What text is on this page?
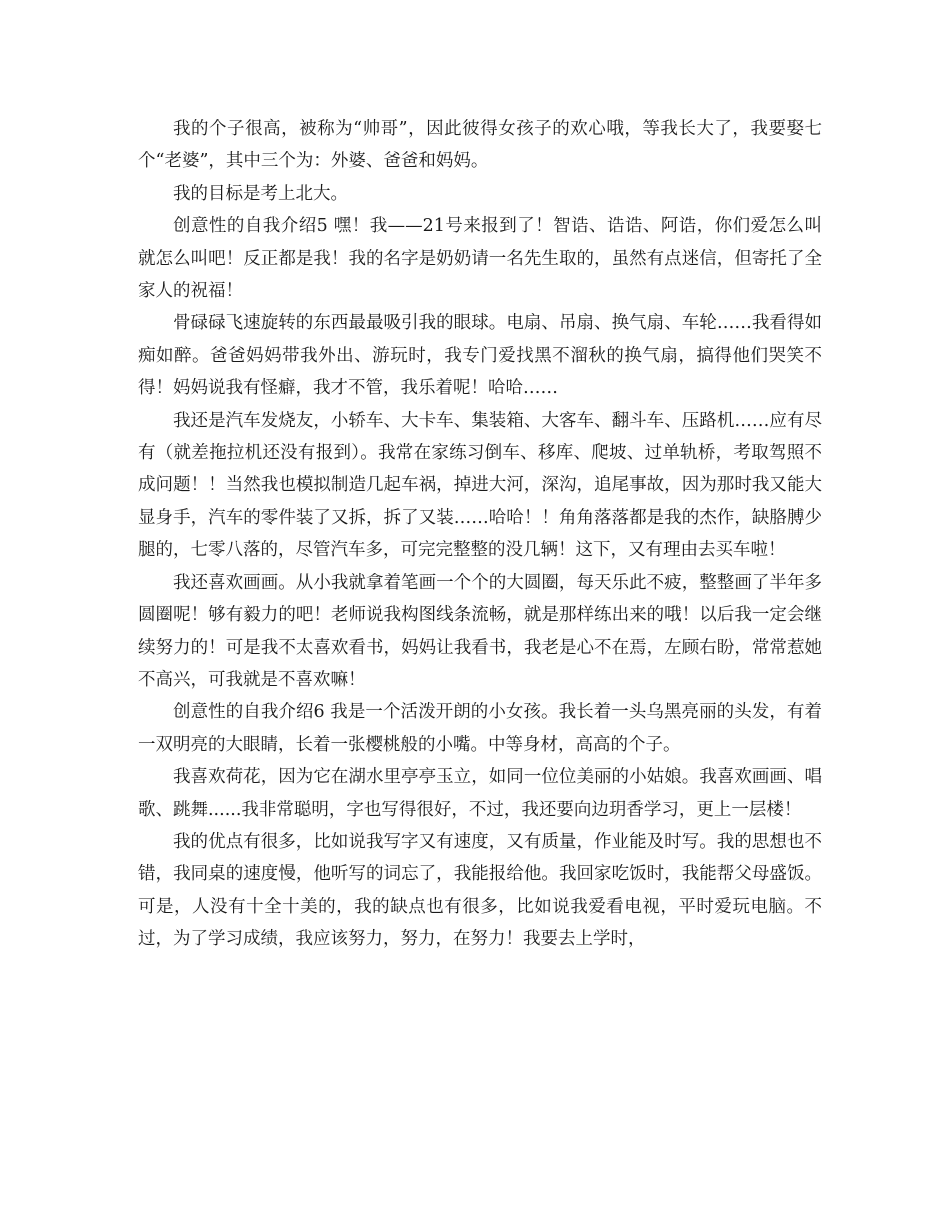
我的个子很高，被称为“帅哥”，因此彼得女孩子的欢心哦，等我长大了，我要娶七个“老婆”，其中三个为：外婆、爸爸和妈妈。

我的目标是考上北大。

创意性的自我介绍5 嘿！我——21号来报到了！智诰、诰诰、阿诰，你们爱怎么叫就怎么叫吧！反正都是我！我的名字是奶奶请一名先生取的，虽然有点迷信，但寄托了全家人的祝福！

骨碌碌飞速旋转的东西最最吸引我的眼球。电扇、吊扇、换气扇、车轮……我看得如痴如醉。爸爸妈妈带我外出、游玩时，我专门爱找黑不溜秋的换气扇，搞得他们哭笑不得！妈妈说我有怪癖，我才不管，我乐着呢！哈哈……

我还是汽车发烧友，小轿车、大卡车、集装箱、大客车、翻斗车、压路机……应有尽有（就差拖拉机还没有报到）。我常在家练习倒车、移库、爬坡、过单轨桥，考取驾照不成问题！！当然我也模拟制造几起车祸，掉进大河，深沟，追尾事故，因为那时我又能大显身手，汽车的零件装了又拆，拆了又装……哈哈！！角角落落都是我的杰作，缺胳膊少腿的，七零八落的，尽管汽车多，可完完整整的没几辆！这下，又有理由去买车啦！

我还喜欢画画。从小我就拿着笔画一个个的大圆圈，每天乐此不疲，整整画了半年多圆圈呢！够有毅力的吧！老师说我构图线条流畅，就是那样练出来的哦！以后我一定会继续努力的！可是我不太喜欢看书，妈妈让我看书，我老是心不在焉，左顾右盼，常常惹她不高兴，可我就是不喜欢嘛！

创意性的自我介绍6 我是一个活泼开朗的小女孩。我长着一头乌黑亮丽的头发，有着一双明亮的大眼睛，长着一张樱桃般的小嘴。中等身材，高高的个子。

我喜欢荷花，因为它在湖水里亭亭玉立，如同一位位美丽的小姑娘。我喜欢画画、唱歌、跳舞......我非常聪明，字也写得很好，不过，我还要向边玥香学习，更上一层楼！

我的优点有很多，比如说我写字又有速度，又有质量，作业能及时写。我的思想也不错，我同桌的速度慢，他听写的词忘了，我能报给他。我回家吃饭时，我能帮父母盛饭。可是，人没有十全十美的，我的缺点也有很多，比如说我爱看电视，平时爱玩电脑。不过，为了学习成绩，我应该努力，努力，在努力！我要去上学时，
